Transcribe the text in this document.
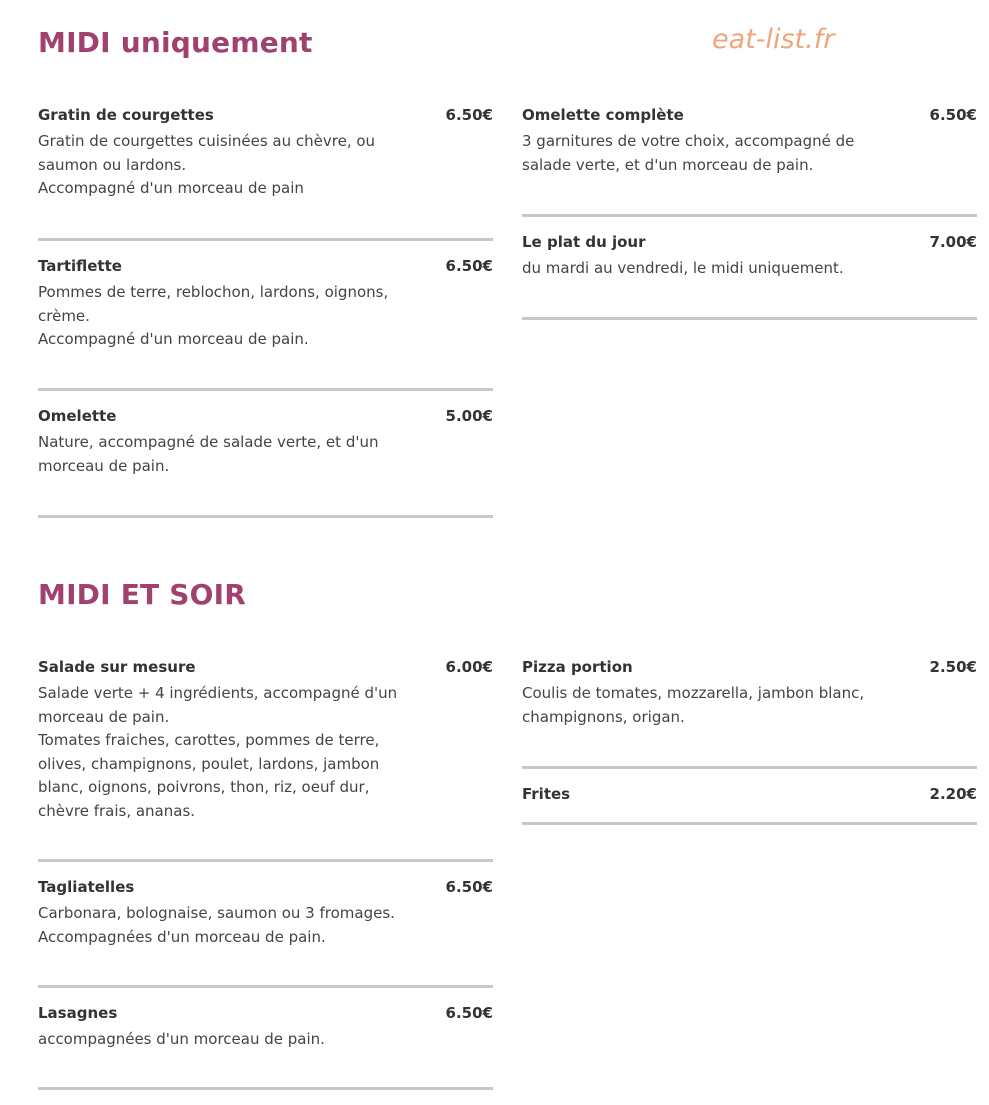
MIDI uniquement	eat-list.fr
Gratin de courgettes	6.50€
Gratin de courgettes cuisinées au chèvre, ou
saumon ou lardons.
Accompagné d'un morceau de pain
Tartiflette	6.50€
Pommes de terre, reblochon, lardons, oignons,
crème.
Accompagné d'un morceau de pain.
Omelette	5.00€
Nature, accompagné de salade verte, et d'un
morceau de pain.
Omelette complète	6.50€
3 garnitures de votre choix, accompagné de
salade verte, et d'un morceau de pain.
Le plat du jour	7.00€
du mardi au vendredi, le midi uniquement.
MIDI ET SOIR
Salade sur mesure	6.00€
Salade verte + 4 ingrédients, accompagné d'un
morceau de pain.
Tomates fraiches, carottes, pommes de terre,
olives, champignons, poulet, lardons, jambon
blanc, oignons, poivrons, thon, riz, oeuf dur,
chèvre frais, ananas.
Tagliatelles	6.50€
Carbonara, bolognaise, saumon ou 3 fromages.
Accompagnées d'un morceau de pain.
Lasagnes	6.50€
accompagnées d'un morceau de pain.
Pizza portion	2.50€
Coulis de tomates, mozzarella, jambon blanc,
champignons, origan.
Frites	2.20€
